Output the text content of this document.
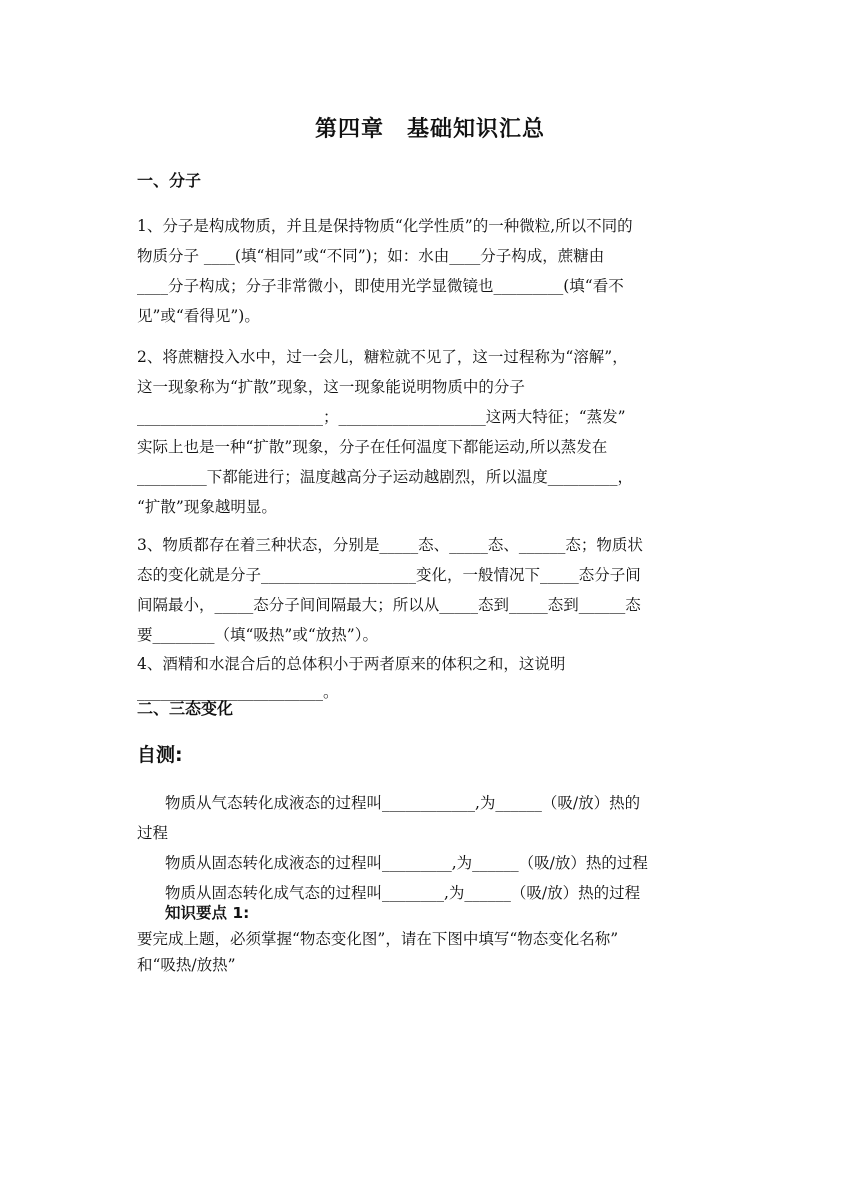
第四章　基础知识汇总
一、分子

1、分子是构成物质，并且是保持物质“化学性质”的一种微粒,所以不同的

物质分子 ____(填“相同”或“不同”)；如：水由____分子构成，蔗糖由

____分子构成；分子非常微小，即使用光学显微镜也_________(填“看不

见”或“看得见”)。

2、将蔗糖投入水中，过一会儿，糖粒就不见了，这一过程称为“溶解”，

这一现象称为“扩散”现象，这一现象能说明物质中的分子

________________________；___________________这两大特征；“蒸发”

实际上也是一种“扩散”现象，分子在任何温度下都能运动,所以蒸发在

_________下都能进行；温度越高分子运动越剧烈，所以温度_________，

“扩散”现象越明显。

3、物质都存在着三种状态，分别是_____态、_____态、______态；物质状

态的变化就是分子____________________变化，一般情况下_____态分子间

间隔最小，_____态分子间间隔最大；所以从_____态到_____态到______态

要________（填“吸热”或“放热”）。

4、酒精和水混合后的总体积小于两者原来的体积之和，这说明

________________________。

二、三态变化
自测:

物质从气态转化成液态的过程叫____________,为______（吸/放）热的

过程

物质从固态转化成液态的过程叫_________,为______（吸/放）热的过程

物质从固态转化成气态的过程叫________,为______（吸/放）热的过程

知识要点 1:

要完成上题，必须掌握“物态变化图”，请在下图中填写“物态变化名称”

和“吸热/放热”
